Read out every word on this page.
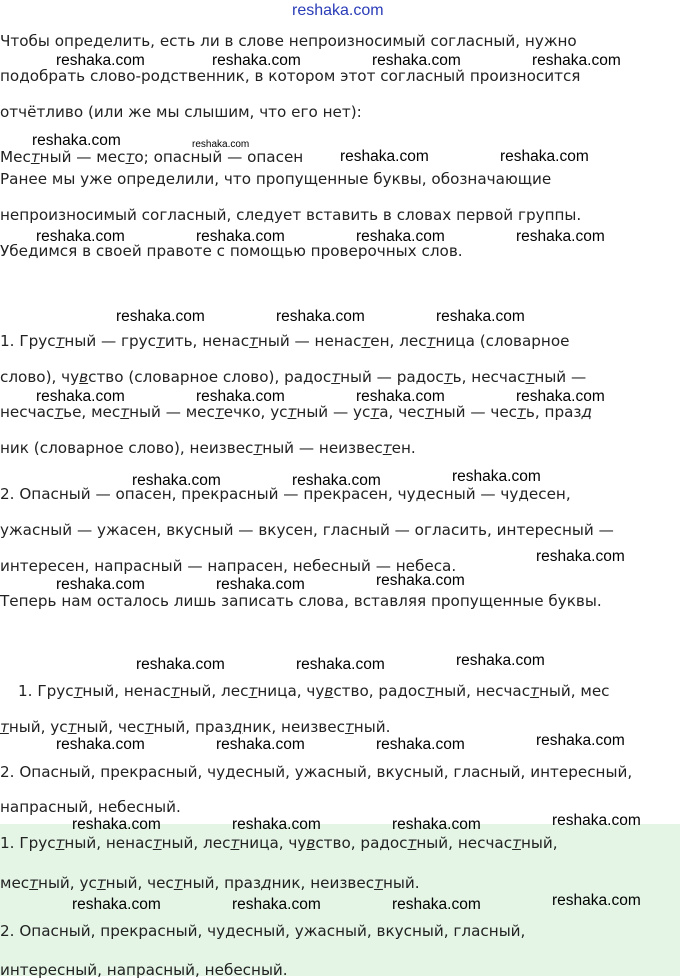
Чтобы определить, есть ли в слове непроизносимый согласный, нужно
подобрать слово-родственник, в котором этот согласный произносится
отчётливо (или же мы слышим, что его нет):
Местный — место; опасный — опасен
Ранее мы уже определили, что пропущенные буквы, обозначающие
непроизносимый согласный, следует вставить в словах первой группы.
Убедимся в своей правоте с помощью проверочных слов.
1. Грустный — грустить, ненастный — ненастен, лестница (словарное
слово), чувство (словарное слово), радостный — радость, несчастный —
несчастье, местный — местечко, устный — уста, честный — честь, празд
ник (словарное слово), неизвестный — неизвестен.
2. Опасный — опасен, прекрасный — прекрасен, чудесный — чудесен,
ужасный — ужасен, вкусный — вкусен, гласный — огласить, интересный —
интересен, напрасный — напрасен, небесный — небеса.
Теперь нам осталось лишь записать слова, вставляя пропущенные буквы.
1. Грустный, ненастный, лестница, чувство, радостный, несчастный, мес
тный, устный, честный, праздник, неизвестный.
2. Опасный, прекрасный, чудесный, ужасный, вкусный, гласный, интересный,
напрасный, небесный.
1. Грустный, ненастный, лестница, чувство, радостный, несчастный,
местный, устный, честный, праздник, неизвестный.
2. Опасный, прекрасный, чудесный, ужасный, вкусный, гласный,
интересный, напрасный, небесный.
reshaka.com
reshaka.com	reshaka.com	reshaka.com	reshaka.com
reshaka.com	reshaka.com
reshaka.com	reshaka.com
reshaka.com	reshaka.com	reshaka.com	reshaka.com
reshaka.com	reshaka.com	reshaka.com
reshaka.com	reshaka.com	reshaka.com	reshaka.com
reshaka.com	reshaka.com	reshaka.com
reshaka.com
reshaka.com	reshaka.com	reshaka.com
reshaka.com	reshaka.com	reshaka.com
reshaka.com	reshaka.com	reshaka.com	reshaka.com
reshaka.com	reshaka.com	reshaka.com	reshaka.com
reshaka.com	reshaka.com	reshaka.com	reshaka.com
